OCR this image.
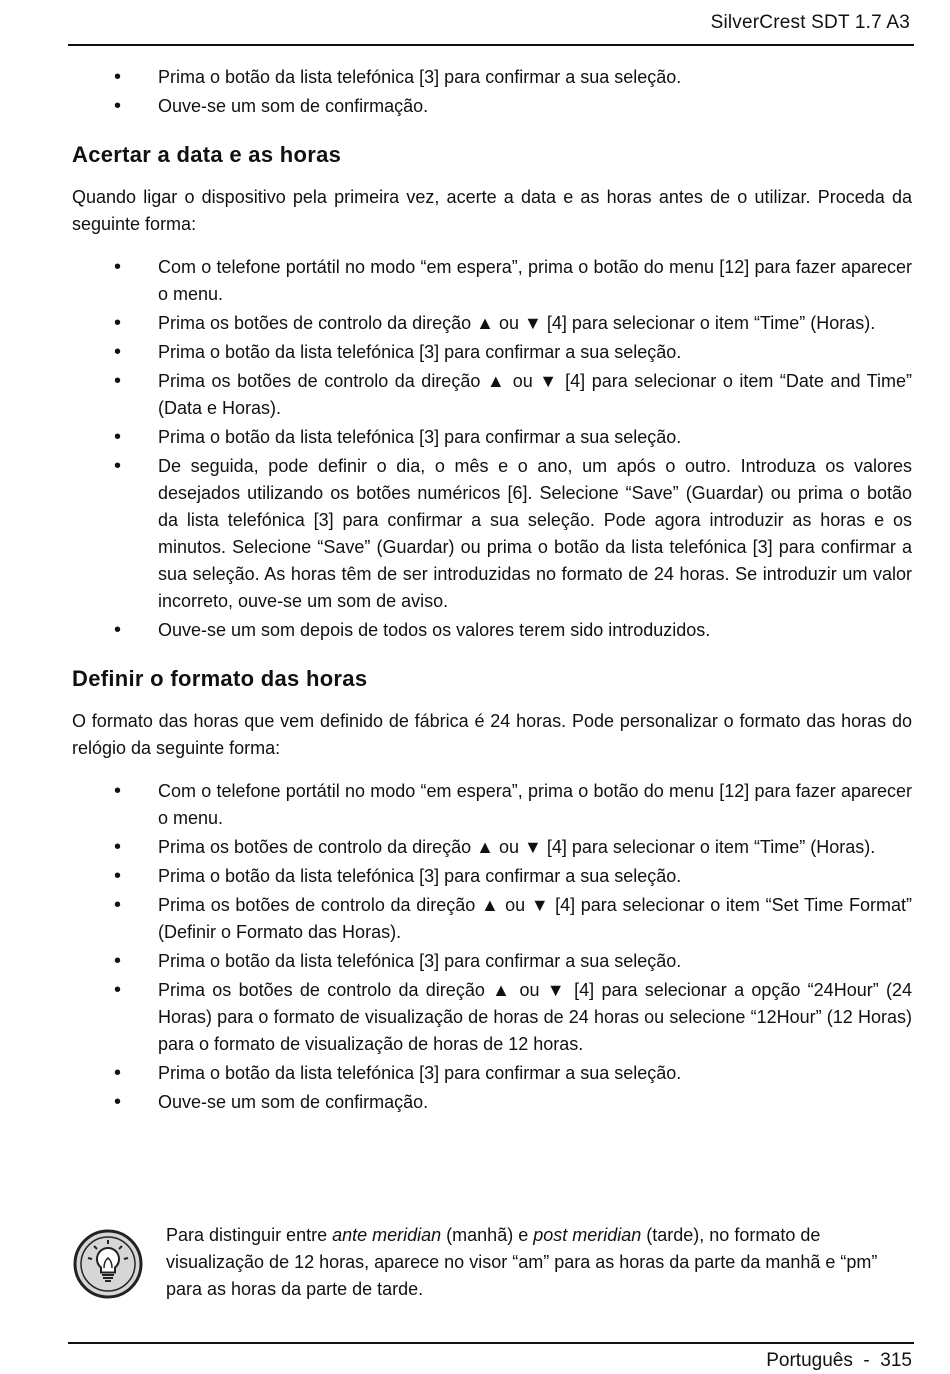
SilverCrest SDT 1.7 A3
• Prima o botão da lista telefónica [3] para confirmar a sua seleção.
• Ouve-se um som de confirmação.
Acertar a data e as horas

Quando ligar o dispositivo pela primeira vez, acerte a data e as horas antes de o utilizar. Proceda da seguinte forma:

• Com o telefone portátil no modo “em espera”, prima o botão do menu [12] para fazer aparecer o menu.
• Prima os botões de controlo da direção ▲ ou ▼ [4] para selecionar o item “Time” (Horas).
• Prima o botão da lista telefónica [3] para confirmar a sua seleção.
• Prima os botões de controlo da direção ▲ ou ▼ [4] para selecionar o item “Date and Time” (Data e Horas).
• Prima o botão da lista telefónica [3] para confirmar a sua seleção.
• De seguida, pode definir o dia, o mês e o ano, um após o outro. Introduza os valores desejados utilizando os botões numéricos [6]. Selecione “Save” (Guardar) ou prima o botão da lista telefónica [3] para confirmar a sua seleção. Pode agora introduzir as horas e os minutos. Selecione “Save” (Guardar) ou prima o botão da lista telefónica [3] para confirmar a sua seleção. As horas têm de ser introduzidas no formato de 24 horas. Se introduzir um valor incorreto, ouve-se um som de aviso.
• Ouve-se um som depois de todos os valores terem sido introduzidos.
Definir o formato das horas

O formato das horas que vem definido de fábrica é 24 horas. Pode personalizar o formato das horas do relógio da seguinte forma:

• Com o telefone portátil no modo “em espera”, prima o botão do menu [12] para fazer aparecer o menu.
• Prima os botões de controlo da direção ▲ ou ▼ [4] para selecionar o item “Time” (Horas).
• Prima o botão da lista telefónica [3] para confirmar a sua seleção.
• Prima os botões de controlo da direção ▲ ou ▼ [4] para selecionar o item “Set Time Format” (Definir o Formato das Horas).
• Prima o botão da lista telefónica [3] para confirmar a sua seleção.
• Prima os botões de controlo da direção ▲ ou ▼ [4] para selecionar a opção “24Hour” (24 Horas) para o formato de visualização de horas de 24 horas ou selecione “12Hour” (12 Horas) para o formato de visualização de horas de 12 horas.
• Prima o botão da lista telefónica [3] para confirmar a sua seleção.
• Ouve-se um som de confirmação.
Para distinguir entre ante meridian (manhã) e post meridian (tarde), no formato de visualização de 12 horas, aparece no visor “am” para as horas da parte da manhã e “pm” para as horas da parte de tarde.
Português  -  315
